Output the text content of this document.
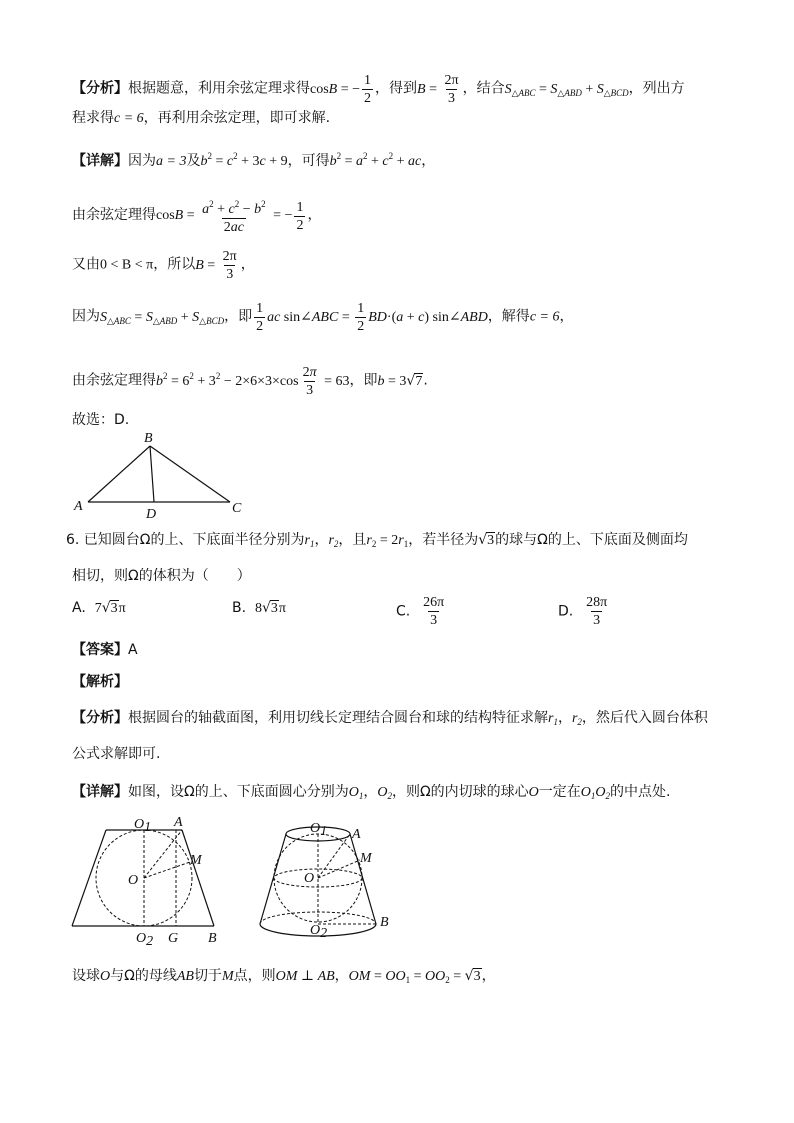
【分析】根据题意，利用余弦定理求得cosB = − $\frac{1}{2}$ ，得到$B = \frac{2\pi}{3}$ ，结合$S_{\triangle ABC} = S_{\triangle ABD} + S_{\triangle BCD}$，列出方
程求得c = 6，再利用余弦定理，即可求解.
【详解】因为a = 3及$b^2 = c^2 + 3c + 9$，可得$b^2 = a^2 + c^2$ + ac，
由余弦定理得$\cos B = \frac{a^2 + c^2 - b^2}{2ac}$ = − $\frac{1}{2}$ ，
又由0 < B < π，所以$B = \frac{2\pi}{3}$ ，
因为$S_{\triangle ABC} = S_{\triangle ABD} + S_{\triangle BCD}$，即 $\frac{1}{2}$ ac sin∠ABC = $\frac{1}{2} BD\cdot(a + c)$ sin∠ABD，解得c = 6，
由余弦定理得$b^2 = 6^2 + 3^2 - 2\times 6\times 3\times\cos \frac{2\pi}{3} = 63$，即b = 3√7.
故选：D.
A
B
C
D
6. 已知圆台Ω的上、下底面半径分别为$r_1$，$r_2$，且$r_2 = 2r_1$，若半径为√3的球与Ω的上、下底面及侧面均
相切，则Ω的体积为（　　）
A. 7√3π	B. 8√3π	C. $\frac{26\pi}{3}$	D. $\frac{28\pi}{3}$
【答案】A
【解析】
【分析】根据圆台的轴截面图，利用切线长定理结合圆台和球的结构特征求解$r_1$，$r_2$，然后代入圆台体积
公式求解即可.
【详解】如图，设Ω的上、下底面圆心分别为$O_1$，$O_2$，则Ω的内切球的球心O一定在$O_1O_2$的中点处.
O1 A
M
O
O2 G B
O1 A
M
O
O2
B
设球O与Ω的母线AB切于M点，则OM ⊥ AB，OM = $OO_1 = OO_2 = √3$，
